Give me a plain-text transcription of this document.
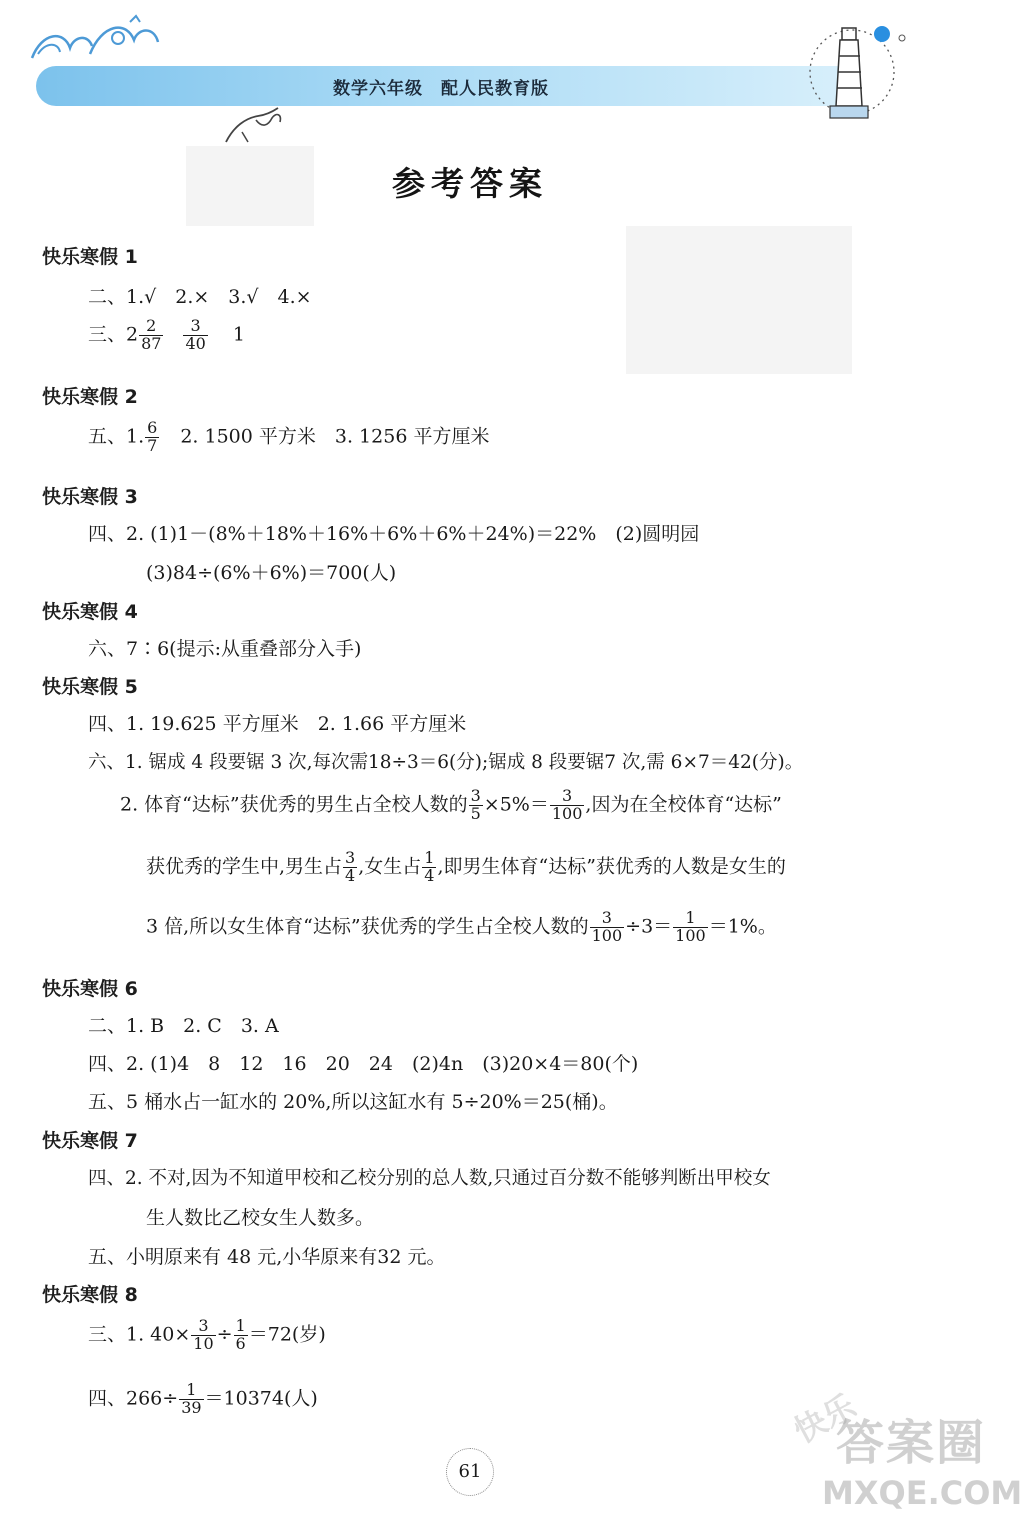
数学六年级　配人民教育版
参考答案
快乐寒假 1
二、1.√　2.×　3.√　4.×
三、$2 \frac{2}{87} \frac{3}{40} 1$
快乐寒假 2
五、1. $\frac{6}{7} 2$. 1500 平方米　3. 1256 平方厘米
快乐寒假 3
四、2. (1)1－(8%＋18%＋16%＋6%＋6%＋24%)＝22%　(2)圆明园
(3)84÷(6%＋6%)＝700(人)
快乐寒假 4
六、7∶6(提示:从重叠部分入手)
快乐寒假 5
四、1. 19.625 平方厘米　2. 1.66 平方厘米
六、1. 锯成 4 段要锯 3 次,每次需18÷3＝6(分);锯成 8 段要锯7 次,需 6×7＝42(分)。
2. 体育“达标”获优秀的男生占全校人数的 $\frac{3}{5} \times 5\%= \frac{3}{100}$ ,因为在全校体育“达标”
获优秀的学生中,男生占 $\frac{3}{4}$ ,女生占 $\frac{1}{4}$ ,即男生体育“达标”获优秀的人数是女生的
3 倍,所以女生体育“达标”获优秀的学生占全校人数的 $\frac{3}{100} \div 3= \frac{1}{100} =1\%$。
快乐寒假 6
二、1. B　2. C　3. A
四、2. (1)4　8　12　16　20　24　(2)4n　(3)20×4＝80(个)
五、5 桶水占一缸水的 20%,所以这缸水有 5÷20%＝25(桶)。
快乐寒假 7
四、2. 不对,因为不知道甲校和乙校分别的总人数,只通过百分数不能够判断出甲校女
生人数比乙校女生人数多。
五、小明原来有 48 元,小华原来有32 元。
快乐寒假 8
三、1. $40\times \frac{3}{10} \div \frac{1}{6} =72$(岁)
四、$266\div \frac{1}{39} =10374$(人)
61
快乐
答案圈
MXQE.COM
